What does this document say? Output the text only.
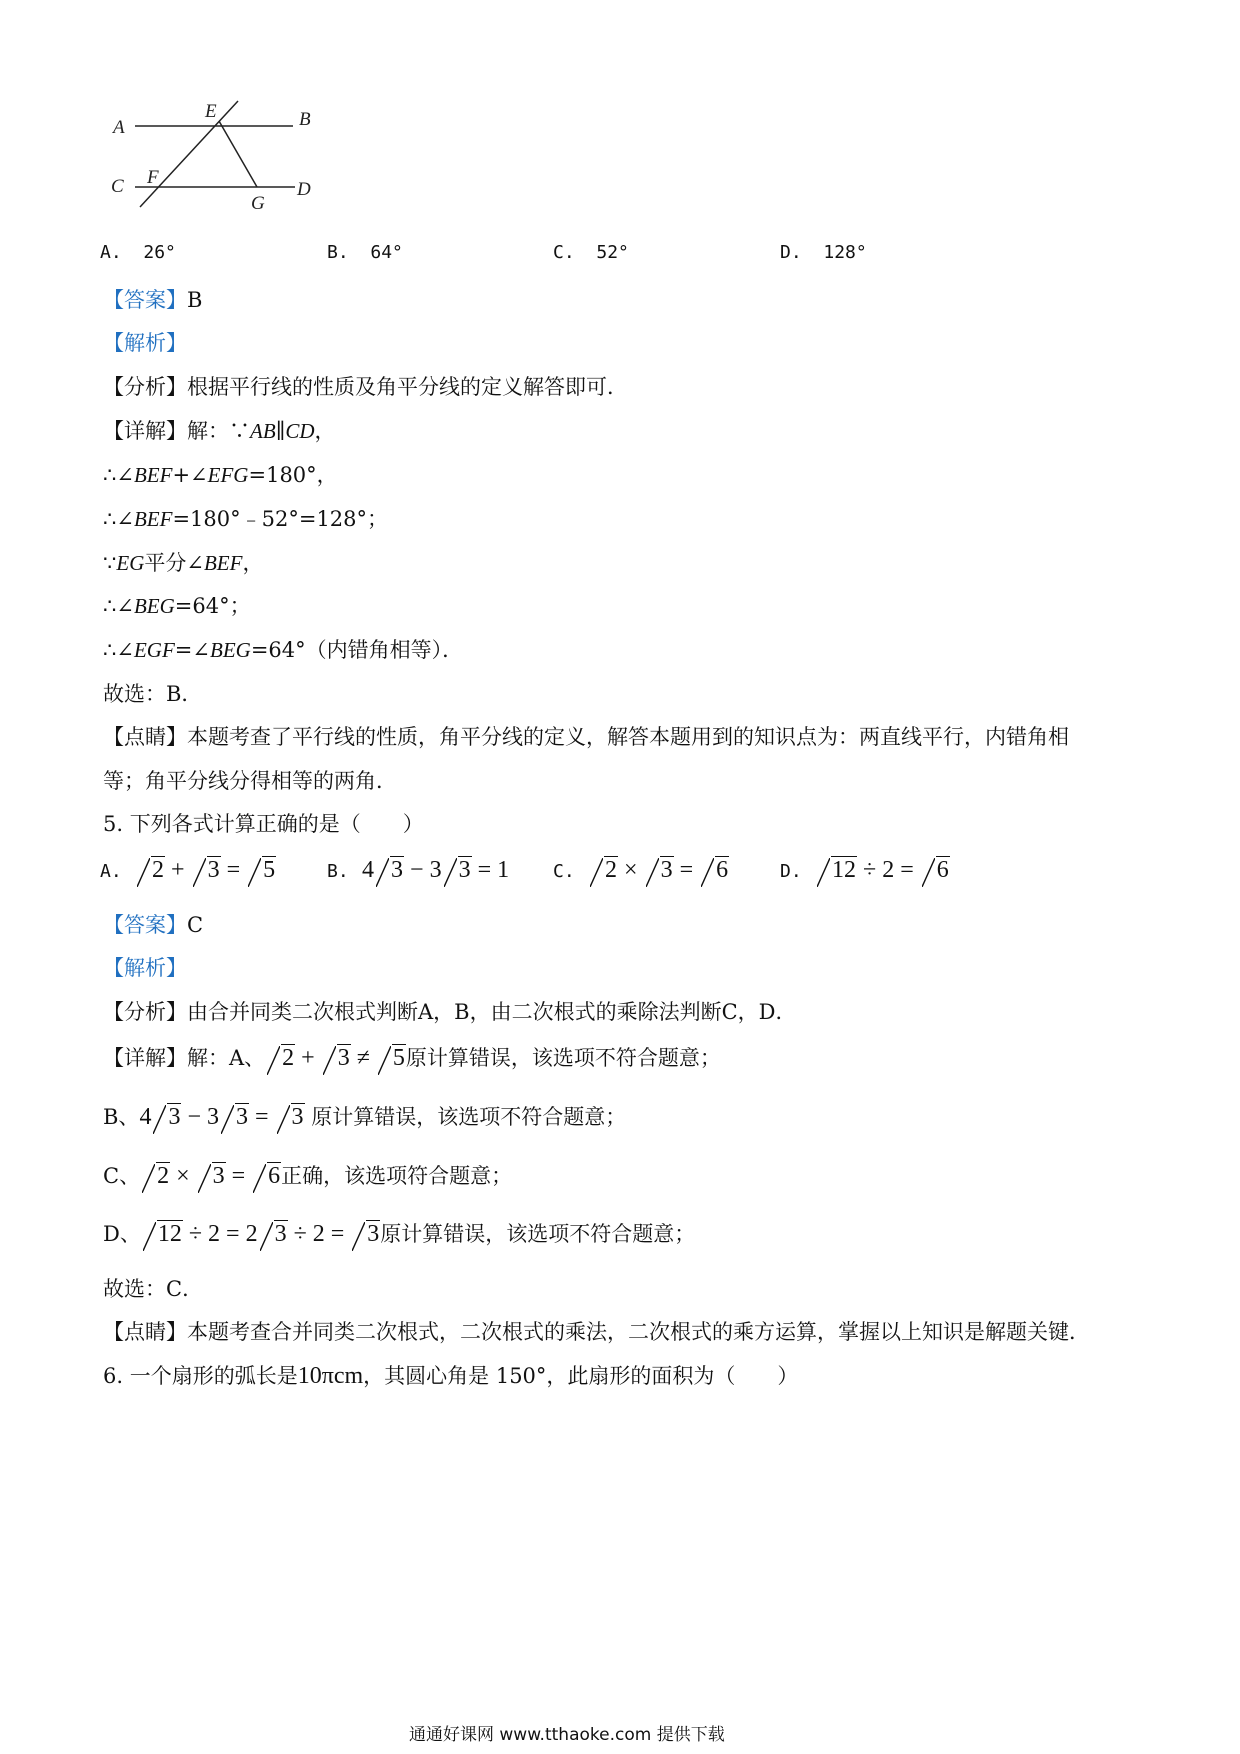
A	B
E
C F
G
D
A. 26°	B. 64°	C. 52°	D. 128°
【答案】B
【解析】
【分析】根据平行线的性质及角平分线的定义解答即可．
【详解】解：∵AB∥CD，
∴∠BEF+∠EFG=180°，
∴∠BEF=180°﹣52°=128°；
∵EG平分∠BEF，
∴∠BEG=64°；
∴∠EGF=∠BEG=64°（内错角相等）．
故选：B．
【点睛】本题考查了平行线的性质，角平分线的定义，解答本题用到的知识点为：两直线平行，内错角相
等；角平分线分得相等的两角．
5. 下列各式计算正确的是（　　）
A. 2 + 3 = 5	B. 4 3 − 3 3 = 1 C. 2 × 3 = 6	D. 12 ÷ 2 = 6
【答案】C
【解析】
【分析】由合并同类二次根式判断A，B，由二次根式的乘除法判断C，D．
【详解】解：A、 2 + 3 ≠ 5原计算错误，该选项不符合题意；
B、4 3 − 3 3 = 3 原计算错误，该选项不符合题意；
C、 2 × 3 = 6正确，该选项符合题意；
D、 12 ÷ 2 = 2 3 ÷ 2 = 3原计算错误，该选项不符合题意；
故选：C．
【点睛】本题考查合并同类二次根式，二次根式的乘法，二次根式的乘方运算，掌握以上知识是解题关键．
6. 一个扇形的弧长是10πcm，其圆心角是 150°，此扇形的面积为（　　）
通通好课网 www.tthaoke.com 提供下载
